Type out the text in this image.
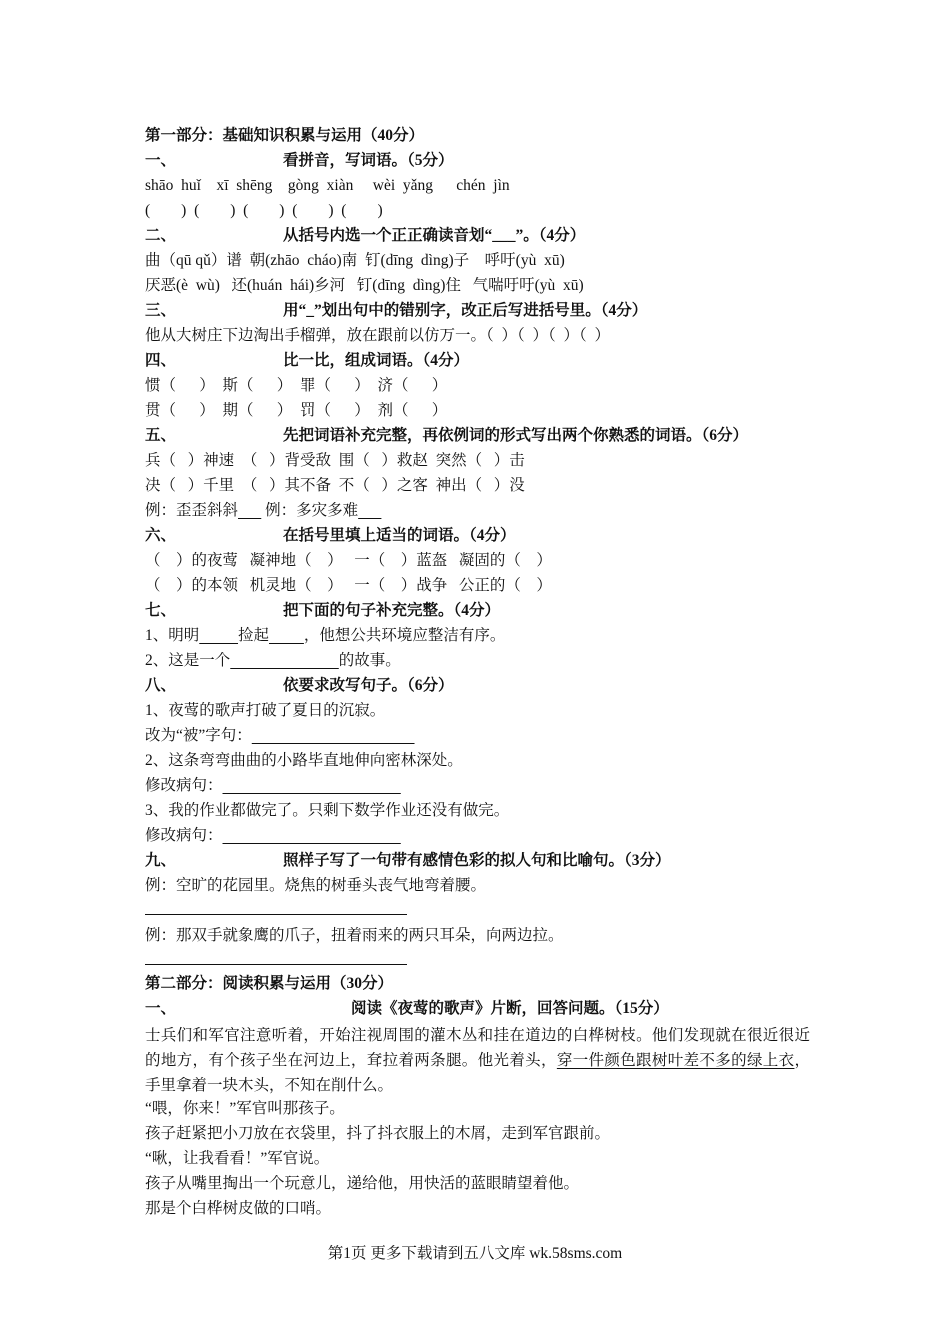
第一部分：基础知识积累与运用（40分）
一、	看拼音，写词语。（5分）
shāo  huǐ    xī  shēng    gòng  xiàn     wèi  yǎng      chén  jìn
(        )  (        )  (        )  (        )  (        )
二、	从括号内选一个正正确读音划“___”。（4分）
曲（qū qǔ）谱  朝(zhāo  cháo)南  钉(dīng  dìng)子    呼吁(yù  xū)
厌恶(è  wù)   还(huán  hái)乡河   钉(dīng  dìng)住   气喘吁吁(yù  xū)
三、	用“_”划出句中的错别字，改正后写进括号里。（4分）
他从大树庄下边淘出手榴弹，放在跟前以仿万一。（  ）（  ）（  ）（  ）
四、	比一比，组成词语。（4分）
惯（      ）  斯（      ）  罪（      ）  济（      ）
贯（      ）  期（      ）  罚（      ）  剂（      ）
五、	先把词语补充完整，再依例词的形式写出两个你熟悉的词语。（6分）
兵（   ）神速  （   ）背受敌  围（   ）救赵  突然（   ）击
决（   ）千里  （   ）其不备  不（   ）之客  神出（   ）没
例：歪歪斜斜       例：多灾多难
六、	在括号里填上适当的词语。（4分）
（    ）的夜莺   凝神地（    ）   一（    ）蓝盔   凝固的（    ）
（    ）的本领   机灵地（    ）   一（    ）战争   公正的（    ）
七、	把下面的句子补充完整。（4分）
1、明明	捡起 ，他想公共环境应整洁有序。
2、这是一个	的故事。
八、	依要求改写句子。（6分）
1、夜莺的歌声打破了夏日的沉寂。
改为“被”字句：
2、这条弯弯曲曲的小路毕直地伸向密林深处。
修改病句：
3、我的作业都做完了。只剩下数学作业还没有做完。
修改病句：
九、	照样子写了一句带有感情色彩的拟人句和比喻句。（3分）
例：空旷的花园里。烧焦的树垂头丧气地弯着腰。
例：那双手就象鹰的爪子，扭着雨来的两只耳朵，向两边拉。
第二部分：阅读积累与运用（30分）
一、	阅读《夜莺的歌声》片断，回答问题。（15分）
士兵们和军官注意听着，开始注视周围的灌木丛和挂在道边的白桦树枝。他们发现就在很近很近的地方，有个孩子坐在河边上，耷拉着两条腿。他光着头，穿一件颜色跟树叶差不多的绿上衣，手里拿着一块木头，不知在削什么。
“喂，你来！”军官叫那孩子。
孩子赶紧把小刀放在衣袋里，抖了抖衣服上的木屑，走到军官跟前。
“啾，让我看看！”军官说。
孩子从嘴里掏出一个玩意儿，递给他，用快活的蓝眼睛望着他。
那是个白桦树皮做的口哨。
第1页 更多下载请到五八文库 wk.58sms.com
